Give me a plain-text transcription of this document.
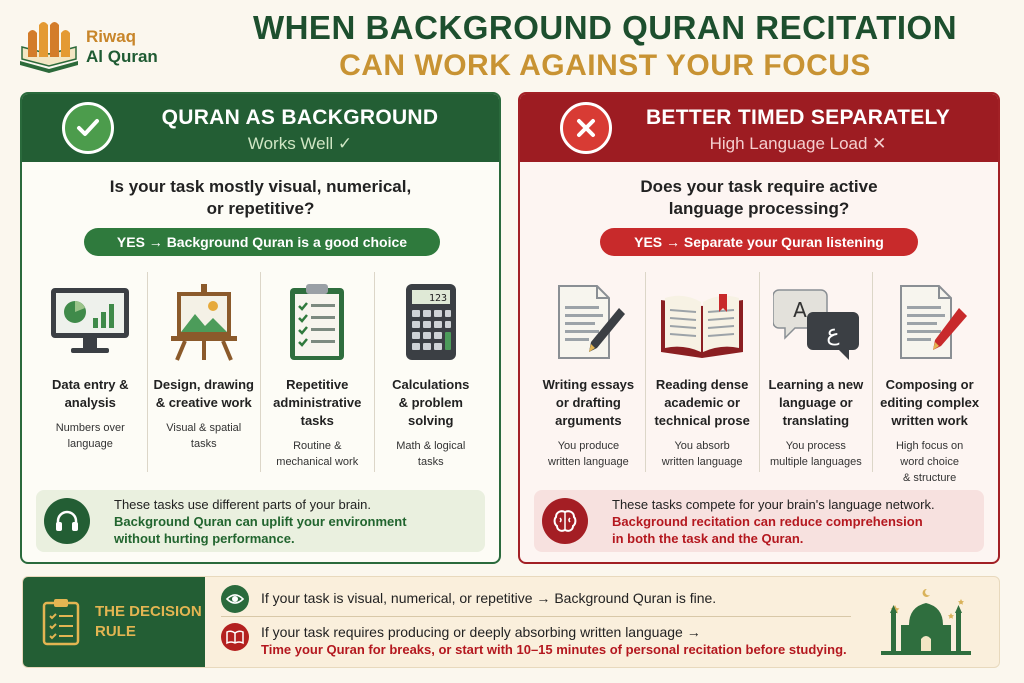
Riwaq
Al Quran
WHEN BACKGROUND QURAN RECITATION
CAN WORK AGAINST YOUR FOCUS
QURAN AS BACKGROUND
Works Well ✓
Is your task mostly visual, numerical,
or repetitive?
YES → Background Quran is a good choice
Data entry &
analysis
Numbers over
language
Design, drawing
& creative work
Visual & spatial
tasks
Repetitive
administrative
tasks
Routine &
mechanical work
123
Calculations
& problem
solving
Math & logical
tasks
These tasks use different parts of your brain.
Background Quran can uplift your environment
without hurting performance.
BETTER TIMED SEPARATELY
High Language Load ✕
Does your task require active
language processing?
YES → Separate your Quran listening
Writing essays
or drafting
arguments
You produce
written language
Reading dense
academic or
technical prose
You absorb
written language
A
ع
Learning a new
language or
translating
You process
multiple languages
Composing or
editing complex
written work
High focus on
word choice
& structure
These tasks compete for your brain's language network.
Background recitation can reduce comprehension
in both the task and the Quran.
THE DECISION
RULE
If your task is visual, numerical, or repetitive → Background Quran is fine.
If your task requires producing or deeply absorbing written language →
Time your Quran for breaks, or start with 10–15 minutes of personal recitation before studying.
